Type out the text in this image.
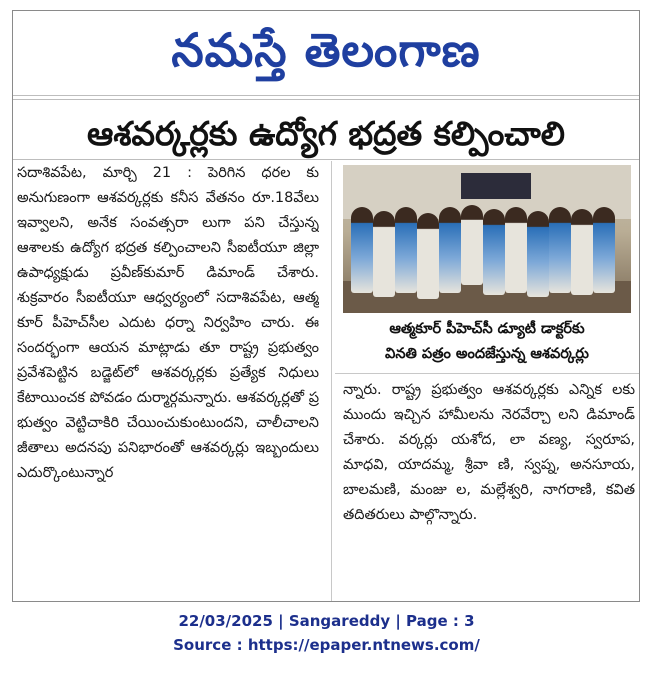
నమస్తే తెలంగాణ
ఆశవర్కర్లకు ఉద్యోగ భద్రత కల్పించాలి

సదాశివపేట, మార్చి 21 : పెరిగిన ధరల కు అనుగుణంగా ఆశవర్కర్లకు కనీస వేతనం రూ.18వేలు ఇవ్వాలని, అనేక సంవత్సరా లుగా పని చేస్తున్న ఆశాలకు ఉద్యోగ భద్రత కల్పించాలని సీఐటీయూ జిల్లా ఉపాధ్యక్షుడు ప్రవీణ్‌కుమార్ డిమాండ్ చేశారు. శుక్రవారం సీఐటీయూ ఆధ్వర్యంలో సదాశివపేట, ఆత్మ కూర్ పీహెచ్‌సీల ఎదుట ధర్నా నిర్వహిం చారు. ఈ సందర్భంగా ఆయన మాట్లాడు తూ రాష్ట్ర ప్రభుత్వం ప్రవేశపెట్టిన బడ్జెట్‌లో ఆశవర్కర్లకు ప్రత్యేక నిధులు కేటాయించక పోవడం దుర్మార్గమన్నారు. ఆశవర్కర్లతో ప్ర భుత్వం వెట్టిచాకిరి చేయించుకుంటుందని, చాలీచాలని జీతాలు అదనపు పనిభారంతో ఆశవర్కర్లు ఇబ్బందులు ఎదుర్కొంటున్నార

ఆత్మకూర్ పీహెచ్‌సీ డ్యూటీ డాక్టర్‌కు
వినతి పత్రం అందజేస్తున్న ఆశవర్కర్లు

న్నారు. రాష్ట్ర ప్రభుత్వం ఆశవర్కర్లకు ఎన్నిక లకు ముందు ఇచ్చిన హామీలను నెరవేర్చా లని డిమాండ్ చేశారు. వర్కర్లు యశోద, లా వణ్య, స్వరూప, మాధవి, యాదమ్మ, శ్రీవా ణి, స్వప్న, అనసూయ, బాలమణి, మంజు ల, మల్లేశ్వరి, నాగరాణి, కవిత తదితరులు పాల్గొన్నారు.

22/03/2025 | Sangareddy | Page : 3
Source : https://epaper.ntnews.com/
